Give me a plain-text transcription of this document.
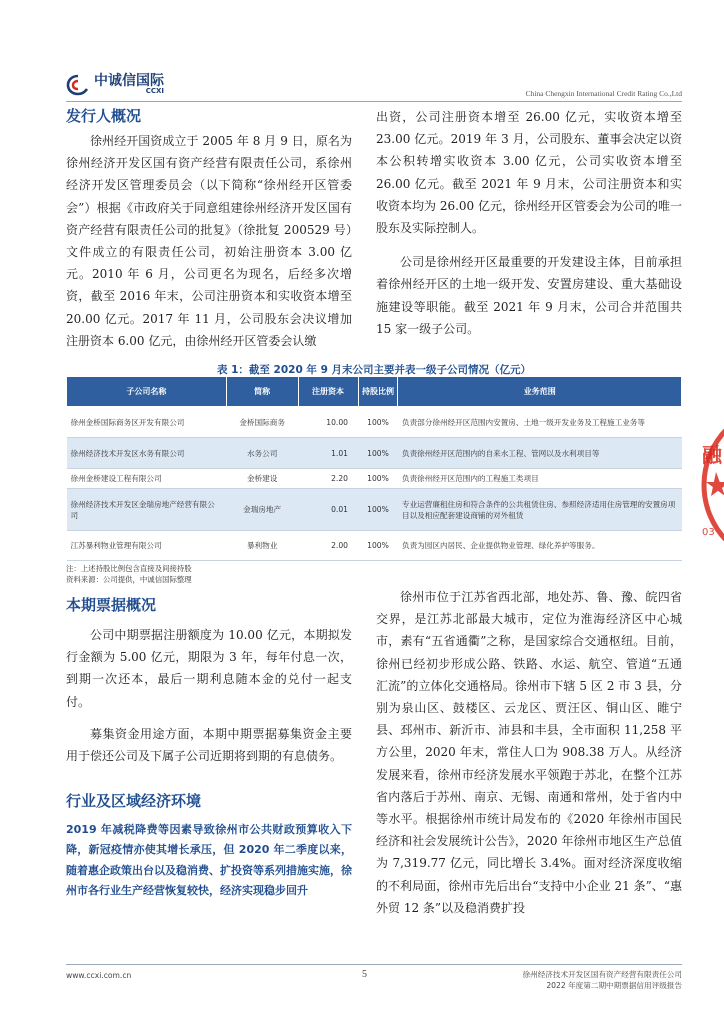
中诚信国际
CCXI	China Chengxin International Credit Rating Co.,Ltd
发行人概况

徐州经开国资成立于 2005 年 8 月 9 日，原名为徐州经济开发区国有资产经营有限责任公司，系徐州经济开发区管理委员会（以下简称“徐州经开区管委会”）根据《市政府关于同意组建徐州经济开发区国有资产经营有限责任公司的批复》（徐批复 200529 号）文件成立的有限责任公司，初始注册资本 3.00 亿元。2010 年 6 月，公司更名为现名，后经多次增资，截至 2016 年末，公司注册资本和实收资本增至 20.00 亿元。2017 年 11 月，公司股东会决议增加注册资本 6.00 亿元，由徐州经开区管委会认缴

出资，公司注册资本增至 26.00 亿元，实收资本增至 23.00 亿元。2019 年 3 月，公司股东、董事会决定以资本公积转增实收资本 3.00 亿元，公司实收资本增至 26.00 亿元。截至 2021 年 9 月末，公司注册资本和实收资本均为 26.00 亿元，徐州经开区管委会为公司的唯一股东及实际控制人。

公司是徐州经开区最重要的开发建设主体，目前承担着徐州经开区的土地一级开发、安置房建设、重大基础设施建设等职能。截至 2021 年 9 月末，公司合并范围共 15 家一级子公司。

表 1：截至 2020 年 9 月末公司主要并表一级子公司情况（亿元）
子公司名称	简称	注册资本	持股比例	业务范围
徐州金桥国际商务区开发有限公司	金桥国际商务	10.00	100%	负责部分徐州经开区范围内安置房、土地一级开发业务及工程施工业务等
徐州经济技术开发区水务有限公司	水务公司	1.01	100%	负责徐州经开区范围内的自来水工程、管网以及水利项目等
徐州金桥建设工程有限公司	金桥建设	2.20	100%	负责徐州经开区范围内的工程施工类项目
徐州经济技术开发区金瑞房地产经营有限公司	金瑞房地产	0.01	100%	专业运营廉租住房和符合条件的公共租赁住房、参照经济适用住房管理的安置房项目以及相应配套建设商铺的对外租赁
江苏暴利物业管理有限公司	暴利物业	2.00	100%	负责为园区内居民、企业提供物业管理、绿化养护等服务。
注：上述持股比例包含直接及间接持股
资料来源：公司提供，中诚信国际整理
本期票据概况

公司中期票据注册额度为 10.00 亿元，本期拟发行金额为 5.00 亿元，期限为 3 年，每年付息一次，到期一次还本，最后一期利息随本金的兑付一起支付。

募集资金用途方面，本期中期票据募集资金主要用于偿还公司及下属子公司近期将到期的有息债务。

行业及区域经济环境
2019 年减税降费等因素导致徐州市公共财政预算收入下降，新冠疫情亦使其增长承压，但 2020 年二季度以来，随着惠企政策出台以及稳消费、扩投资等系列措施实施，徐州市各行业生产经营恢复较快，经济实现稳步回升

徐州市位于江苏省西北部，地处苏、鲁、豫、皖四省交界，是江苏北部最大城市，定位为淮海经济区中心城市，素有“五省通衢”之称，是国家综合交通枢纽。目前，徐州已经初步形成公路、铁路、水运、航空、管道“五通汇流”的立体化交通格局。徐州市下辖 5 区 2 市 3 县，分别为泉山区、鼓楼区、云龙区、贾汪区、铜山区、睢宁县、邳州市、新沂市、沛县和丰县，全市面积 11,258 平方公里，2020 年末，常住人口为 908.38 万人。从经济发展来看，徐州市经济发展水平领跑于苏北，在整个江苏省内落后于苏州、南京、无锡、南通和常州，处于省内中等水平。根据徐州市统计局发布的《2020 年徐州市国民经济和社会发展统计公告》，2020 年徐州市地区生产总值为 7,319.77 亿元，同比增长 3.4%。面对经济深度收缩的不利局面，徐州市先后出台“支持中小企业 21 条”、“惠外贸 12 条”以及稳消费扩投

融
03
www.ccxi.com.cn	5	徐州经济技术开发区国有资产经营有限责任公司
2022 年度第二期中期票据信用评级报告
